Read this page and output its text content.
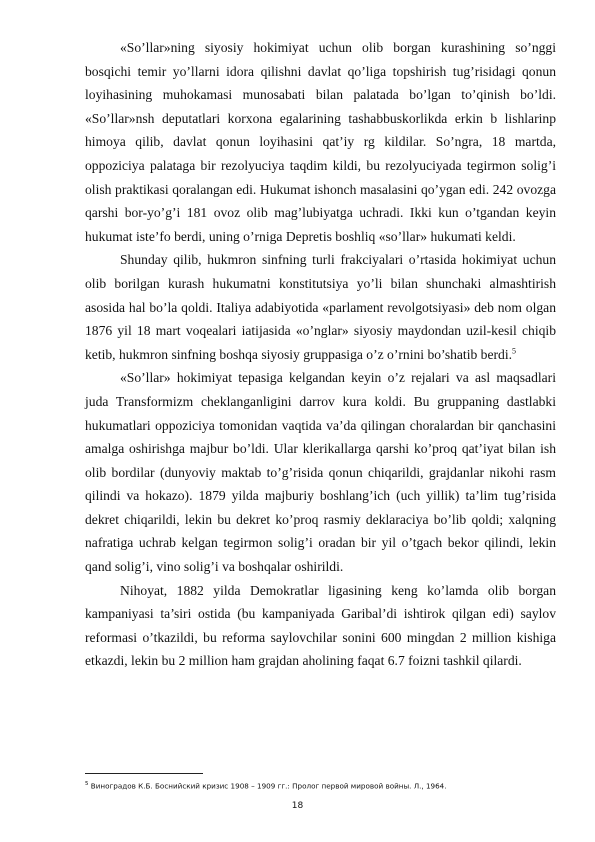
«So’llar»ning siyosiy hokimiyat uchun olib borgan kurashining so’nggi bosqichi temir yo’llarni idora qilishni davlat qo’liga topshirish tug’risidagi qonun loyihasining muhokamasi munosabati bilan palatada bo’lgan to’qinish bo’ldi. «So’llar»nsh deputatlari korxona egalarining tashabbuskorlikda erkin b lishlarinp himoya qilib, davlat qonun loyihasini qat’iy rg kildilar. So’ngra, 18 martda, oppoziciya palataga bir rezolyuciya taqdim kildi, bu rezolyuciyada tegirmon solig’i olish praktikasi qoralangan edi. Hukumat ishonch masalasini qo’ygan edi. 242 ovozga qarshi bor-yo’g’i 181 ovoz olib mag’lubiyatga uchradi. Ikki kun o’tgandan keyin hukumat iste’fo berdi, uning o’rniga Depretis boshliq «so’llar» hukumati keldi.

Shunday qilib, hukmron sinfning turli frakciyalari o’rtasida hokimiyat uchun olib borilgan kurash hukumatni konstitutsiya yo’li bilan shunchaki almashtirish asosida hal bo’la qoldi. Italiya adabiyotida «parlament revolgotsiyasi» deb nom olgan 1876 yil 18 mart voqealari iatijasida «o’nglar» siyosiy maydondan uzil-kesil chiqib ketib, hukmron sinfning boshqa siyosiy gruppasiga o’z o’rnini bo’shatib berdi.$^5$

«So’llar» hokimiyat tepasiga kelgandan keyin o’z rejalari va asl maqsadlari juda Transformizm cheklanganligini darrov kura koldi. Bu gruppaning dastlabki hukumatlari oppoziciya tomonidan vaqtida va’da qilingan choralardan bir qanchasini amalga oshirishga majbur bo’ldi. Ular klerikallarga qarshi ko’proq qat’iyat bilan ish olib bordilar (dunyoviy maktab to’g’risida qonun chiqarildi, grajdanlar nikohi rasm qilindi va hokazo). 1879 yilda majburiy boshlang’ich (uch yillik) ta’lim tug’risida dekret chiqarildi, lekin bu dekret ko’proq rasmiy deklaraciya bo’lib qoldi; xalqning nafratiga uchrab kelgan tegirmon solig’i oradan bir yil o’tgach bekor qilindi, lekin qand solig’i, vino solig’i va boshqalar oshirildi.

Nihoyat, 1882 yilda Demokratlar ligasining keng ko’lamda olib borgan kampaniyasi ta’siri ostida (bu kampaniyada Garibal’di ishtirok qilgan edi) saylov reformasi o’tkazildi, bu reforma saylovchilar sonini 600 mingdan 2 million kishiga etkazdi, lekin bu 2 million ham grajdan aholining faqat 6.7 foizni tashkil qilardi.

$^5$ Виноградов К.Б. Боснийский кризис 1908 – 1909 гг.: Пролог первой мировой войны. Л., 1964.
18
